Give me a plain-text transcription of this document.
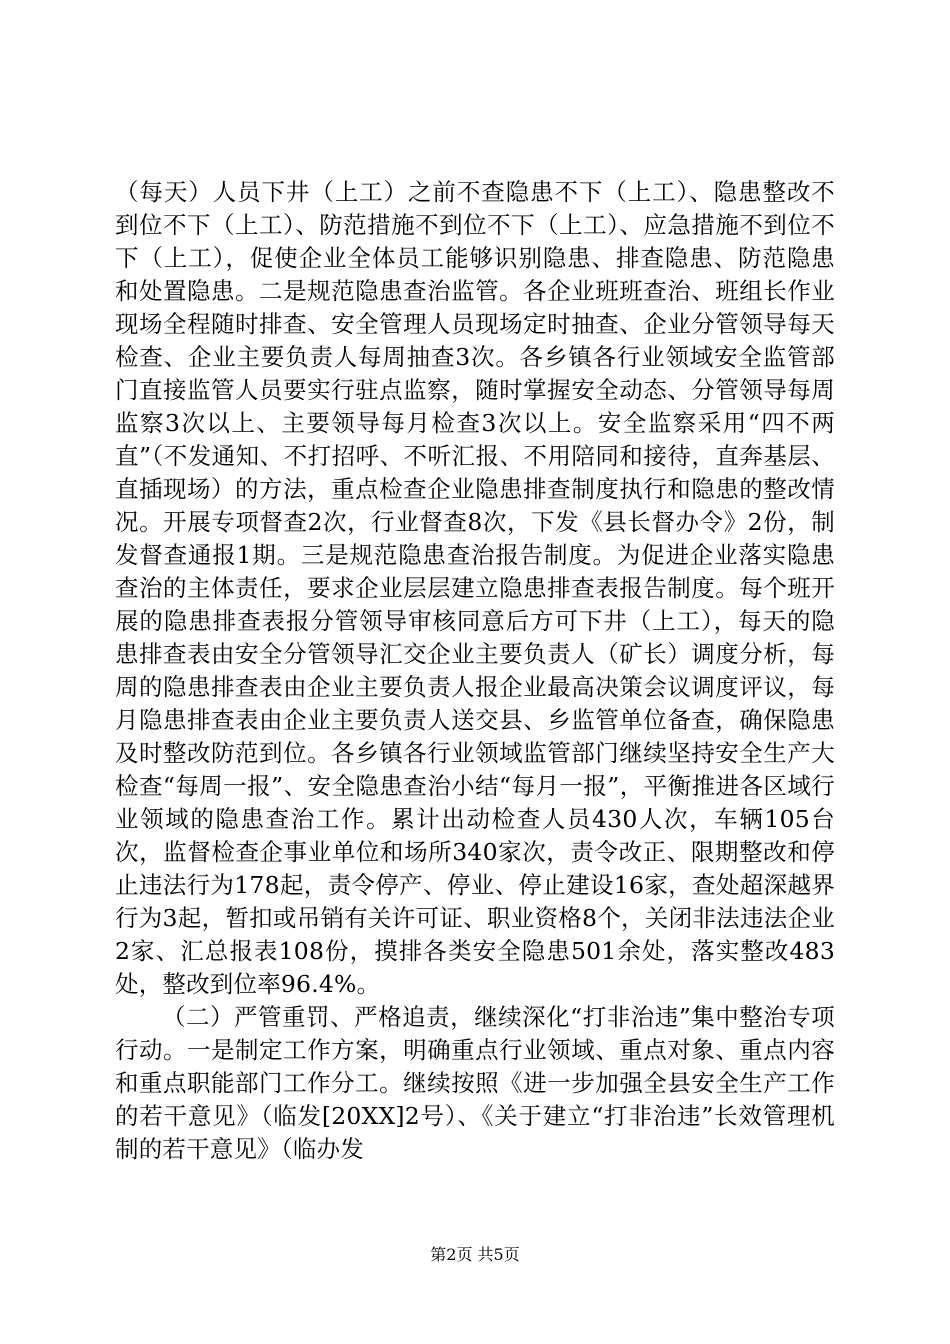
（每天）人员下井（上工）之前不查隐患不下（上工）、隐患整改不到位不下（上工）、防范措施不到位不下（上工）、应急措施不到位不下（上工），促使企业全体员工能够识别隐患、排查隐患、防范隐患和处置隐患。二是规范隐患查治监管。各企业班班查治、班组长作业现场全程随时排查、安全管理人员现场定时抽查、企业分管领导每天检查、企业主要负责人每周抽查3次。各乡镇各行业领域安全监管部门直接监管人员要实行驻点监察，随时掌握安全动态、分管领导每周监察3次以上、主要领导每月检查3次以上。安全监察采用“四不两直”（不发通知、不打招呼、不听汇报、不用陪同和接待，直奔基层、直插现场）的方法，重点检查企业隐患排查制度执行和隐患的整改情况。开展专项督查2次，行业督查8次，下发《县长督办令》2份，制发督查通报1期。三是规范隐患查治报告制度。为促进企业落实隐患查治的主体责任，要求企业层层建立隐患排查表报告制度。每个班开展的隐患排查表报分管领导审核同意后方可下井（上工），每天的隐患排查表由安全分管领导汇交企业主要负责人（矿长）调度分析，每周的隐患排查表由企业主要负责人报企业最高决策会议调度评议，每月隐患排查表由企业主要负责人送交县、乡监管单位备查，确保隐患及时整改防范到位。各乡镇各行业领域监管部门继续坚持安全生产大检查“每周一报”、安全隐患查治小结“每月一报”，平衡推进各区域行业领域的隐患查治工作。累计出动检查人员430人次，车辆105台次，监督检查企事业单位和场所340家次，责令改正、限期整改和停止违法行为178起，责令停产、停业、停止建设16家，查处超深越界行为3起，暂扣或吊销有关许可证、职业资格8个，关闭非法违法企业2家、汇总报表108份，摸排各类安全隐患501余处，落实整改483处，整改到位率96.4%。

（二）严管重罚、严格追责，继续深化“打非治违”集中整治专项行动。一是制定工作方案，明确重点行业领域、重点对象、重点内容和重点职能部门工作分工。继续按照《进一步加强全县安全生产工作的若干意见》（临发[20XX]2号）、《关于建立“打非治违”长效管理机制的若干意见》（临办发

第2页 共5页
